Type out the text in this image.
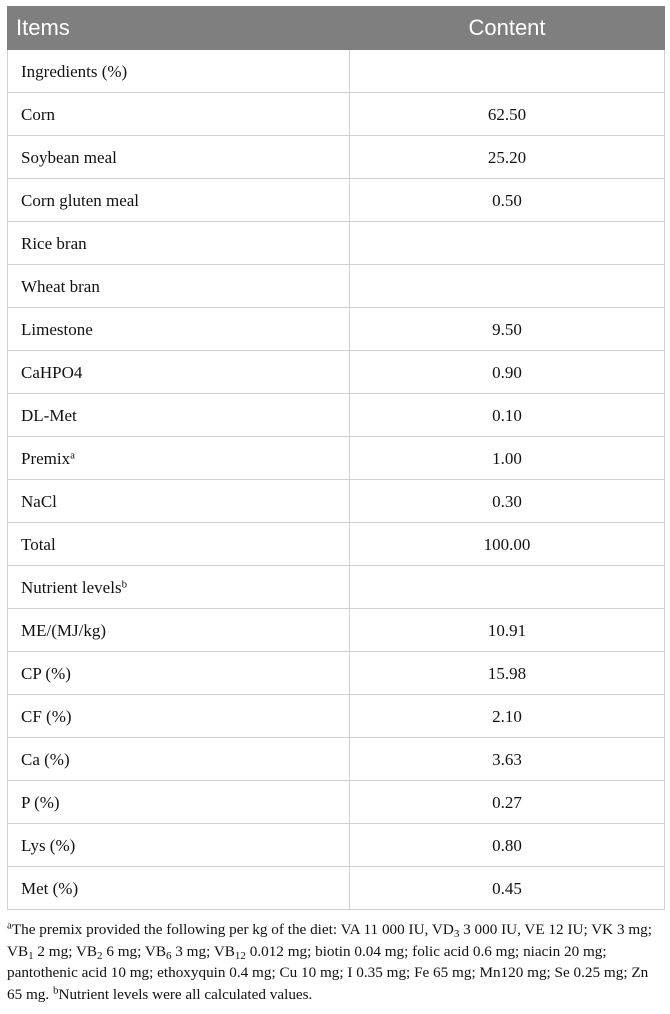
Items	Content
Ingredients (%)	
Corn	62.50
Soybean meal	25.20
Corn gluten meal	0.50
Rice bran	
Wheat bran	
Limestone	9.50
CaHPO4	0.90
DL-Met	0.10
Premix$^a$	1.00
NaCl	0.30
Total	100.00
Nutrient levels$^b$	
ME/(MJ/kg)	10.91
CP (%)	15.98
CF (%)	2.10
Ca (%)	3.63
P (%)	0.27
Lys (%)	0.80
Met (%)	0.45
$^a$The premix provided the following per kg of the diet: VA 11 000 IU, $VD_3$ 3 000 IU, VE 12 IU; VK 3 mg; $VB_1$ 2 mg; $VB_2$ 6 mg; $VB_6$ 3 mg; $VB_{12}$ 0.012 mg; biotin 0.04 mg; folic acid 0.6 mg; niacin 20 mg; pantothenic acid 10 mg; ethoxyquin 0.4 mg; Cu 10 mg; I 0.35 mg; Fe 65 mg; Mn120 mg; Se 0.25 mg; Zn 65 mg. $^b$Nutrient levels were all calculated values.
